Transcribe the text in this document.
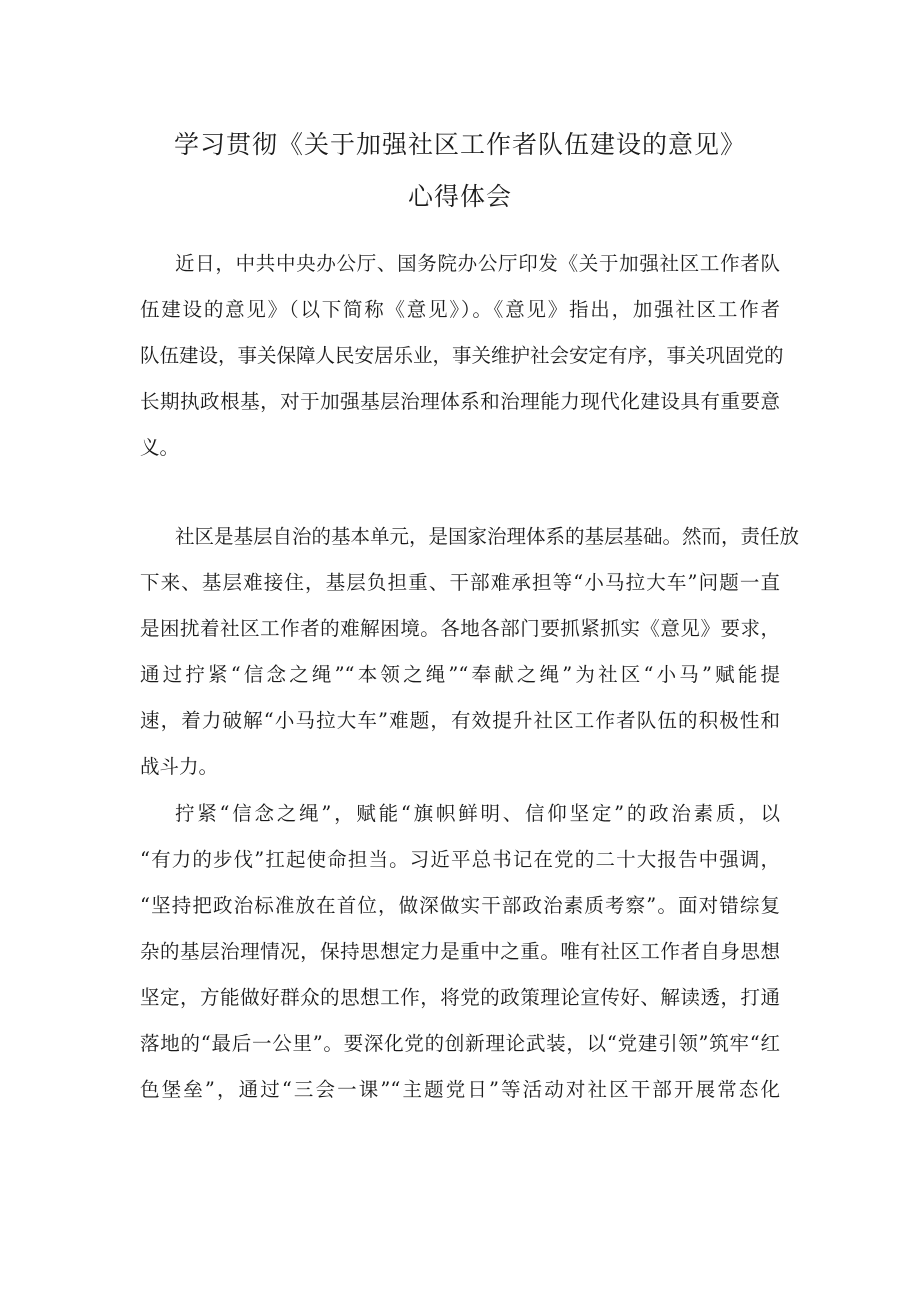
学习贯彻《关于加强社区工作者队伍建设的意见》
心得体会
近日，中共中央办公厅、国务院办公厅印发《关于加强社区工作者队
伍建设的意见》（以下简称《意见》）。《意见》指出，加强社区工作者
队伍建设，事关保障人民安居乐业，事关维护社会安定有序，事关巩固党的
长期执政根基，对于加强基层治理体系和治理能力现代化建设具有重要意
义。
社区是基层自治的基本单元，是国家治理体系的基层基础。然而，责任放
下来、基层难接住，基层负担重、干部难承担等“小马拉大车”问题一直
是困扰着社区工作者的难解困境。各地各部门要抓紧抓实《意见》要求，
通过拧紧“信念之绳”“本领之绳”“奉献之绳”为社区“小马”赋能提
速，着力破解“小马拉大车”难题，有效提升社区工作者队伍的积极性和
战斗力。
拧紧“信念之绳”，赋能“旗帜鲜明、信仰坚定”的政治素质，以
“有力的步伐”扛起使命担当。习近平总书记在党的二十大报告中强调，
“坚持把政治标准放在首位，做深做实干部政治素质考察”。面对错综复
杂的基层治理情况，保持思想定力是重中之重。唯有社区工作者自身思想
坚定，方能做好群众的思想工作，将党的政策理论宣传好、解读透，打通
落地的“最后一公里”。要深化党的创新理论武装，以“党建引领”筑牢“红
色堡垒”，通过“三会一课”“主题党日”等活动对社区干部开展常态化
